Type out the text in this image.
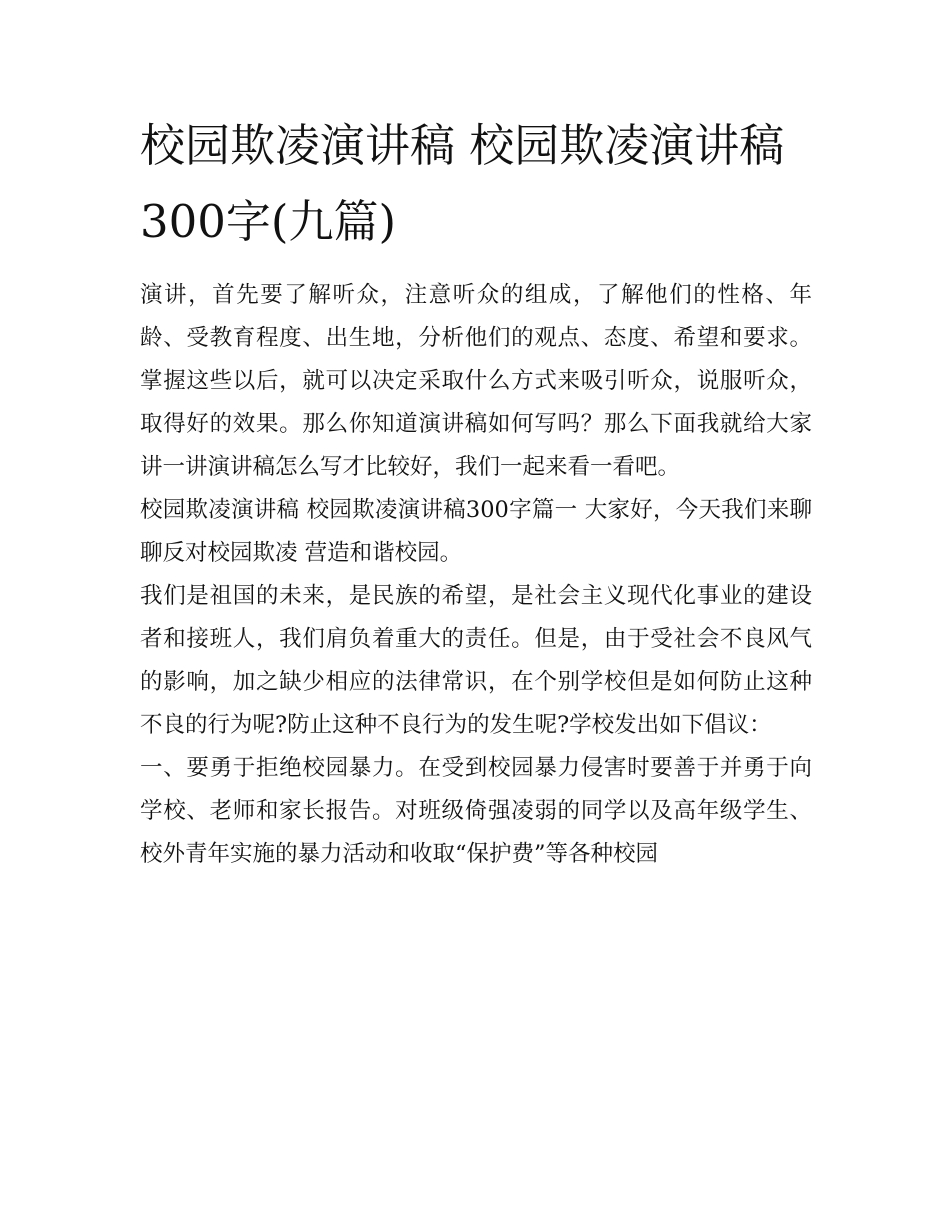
校园欺凌演讲稿 校园欺凌演讲稿300字(九篇)

演讲，首先要了解听众，注意听众的组成，了解他们的性格、年龄、受教育程度、出生地，分析他们的观点、态度、希望和要求。掌握这些以后，就可以决定采取什么方式来吸引听众，说服听众，取得好的效果。那么你知道演讲稿如何写吗？那么下面我就给大家讲一讲演讲稿怎么写才比较好，我们一起来看一看吧。

校园欺凌演讲稿 校园欺凌演讲稿300字篇一 大家好，今天我们来聊聊反对校园欺凌 营造和谐校园。

我们是祖国的未来，是民族的希望，是社会主义现代化事业的建设者和接班人，我们肩负着重大的责任。但是，由于受社会不良风气的影响，加之缺少相应的法律常识，在个别学校但是如何防止这种不良的行为呢?防止这种不良行为的发生呢?学校发出如下倡议：

一、要勇于拒绝校园暴力。在受到校园暴力侵害时要善于并勇于向学校、老师和家长报告。对班级倚强凌弱的同学以及高年级学生、校外青年实施的暴力活动和收取“保护费”等各种校园
